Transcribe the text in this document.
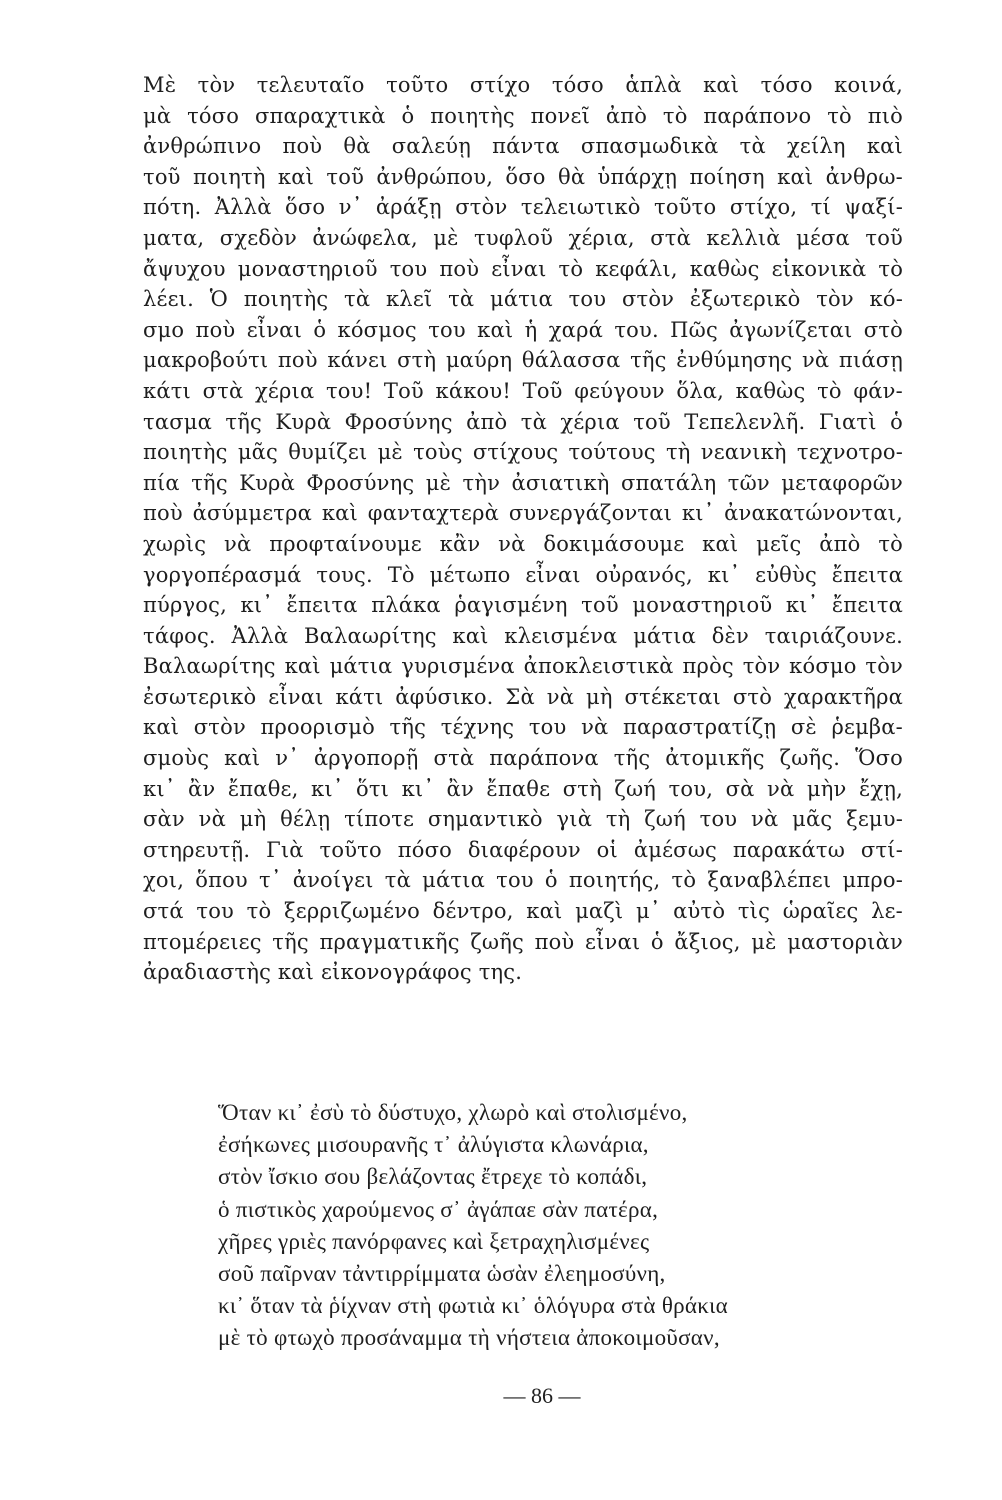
Μὲ τὸν τελευταῖο τοῦτο στίχο τόσο ἁπλὰ καὶ τόσο κοινά,
μὰ τόσο σπαραχτικὰ ὁ ποιητὴς πονεῖ ἀπὸ τὸ παράπονο τὸ πιὸ
ἀνθρώπινο ποὺ θὰ σαλεύῃ πάντα σπασμωδικὰ τὰ χείλη καὶ
τοῦ ποιητὴ καὶ τοῦ ἀνθρώπου, ὅσο θὰ ὑπάρχῃ ποίηση καὶ ἀνθρω-
πότη. Ἀλλὰ ὅσο ν᾽ ἀράξῃ στὸν τελειωτικὸ τοῦτο στίχο, τί ψαξί-
ματα, σχεδὸν ἀνώφελα, μὲ τυφλοῦ χέρια, στὰ κελλιὰ μέσα τοῦ
ἄψυχου μοναστηριοῦ του ποὺ εἶναι τὸ κεφάλι, καθὼς εἰκονικὰ τὸ
λέει. Ὁ ποιητὴς τὰ κλεῖ τὰ μάτια του στὸν ἐξωτερικὸ τὸν κό-
σμο ποὺ εἶναι ὁ κόσμος του καὶ ἡ χαρά του. Πῶς ἀγωνίζεται στὸ
μακροβούτι ποὺ κάνει στὴ μαύρη θάλασσα τῆς ἐνθύμησης νὰ πιάσῃ
κάτι στὰ χέρια του! Τοῦ κάκου! Τοῦ φεύγουν ὅλα, καθὼς τὸ φάν-
τασμα τῆς Κυρὰ Φροσύνης ἀπὸ τὰ χέρια τοῦ Τεπελενλῆ. Γιατὶ ὁ
ποιητὴς μᾶς θυμίζει μὲ τοὺς στίχους τούτους τὴ νεανικὴ τεχνοτρο-
πία τῆς Κυρὰ Φροσύνης μὲ τὴν ἀσιατικὴ σπατάλη τῶν μεταφορῶν
ποὺ ἀσύμμετρα καὶ φανταχτερὰ συνεργάζονται κι᾽ ἀνακατώνονται,
χωρὶς νὰ προφταίνουμε κἂν νὰ δοκιμάσουμε καὶ μεῖς ἀπὸ τὸ
γοργοπέρασμά τους. Τὸ μέτωπο εἶναι οὐρανός, κι᾽ εὐθὺς ἔπειτα
πύργος, κι᾽ ἔπειτα πλάκα ῥαγισμένη τοῦ μοναστηριοῦ κι᾽ ἔπειτα
τάφος. Ἀλλὰ Βαλαωρίτης καὶ κλεισμένα μάτια δὲν ταιριάζουνε.
Βαλαωρίτης καὶ μάτια γυρισμένα ἀποκλειστικὰ πρὸς τὸν κόσμο τὸν
ἐσωτερικὸ εἶναι κάτι ἀφύσικο. Σὰ νὰ μὴ στέκεται στὸ χαρακτῆρα
καὶ στὸν προορισμὸ τῆς τέχνης του νὰ παραστρατίζῃ σὲ ῥεμβα-
σμοὺς καὶ ν᾽ ἀργοπορῇ στὰ παράπονα τῆς ἀτομικῆς ζωῆς. Ὅσο
κι᾽ ἂν ἔπαθε, κι᾽ ὅτι κι᾽ ἂν ἔπαθε στὴ ζωή του, σὰ νὰ μὴν ἔχῃ,
σὰν νὰ μὴ θέλῃ τίποτε σημαντικὸ γιὰ τὴ ζωή του νὰ μᾶς ξεμυ-
στηρευτῇ. Γιὰ τοῦτο πόσο διαφέρουν οἱ ἀμέσως παρακάτω στί-
χοι, ὅπου τ᾽ ἀνοίγει τὰ μάτια του ὁ ποιητής, τὸ ξαναβλέπει μπρο-
στά του τὸ ξερριζωμένο δέντρο, καὶ μαζὶ μ᾽ αὐτὸ τὶς ὡραῖες λε-
πτομέρειες τῆς πραγματικῆς ζωῆς ποὺ εἶναι ὁ ἄξιος, μὲ μαστοριὰν
ἀραδιαστὴς καὶ εἰκονογράφος της.
Ὅταν κι᾽ ἐσὺ τὸ δύστυχο, χλωρὸ καὶ στολισμένο,
ἐσήκωνες μισουρανῆς τ᾽ ἀλύγιστα κλωνάρια,
στὸν ἴσκιο σου βελάζοντας ἔτρεχε τὸ κοπάδι,
ὁ πιστικὸς χαρούμενος σ᾽ ἀγάπαε σὰν πατέρα,
χῆρες γριὲς πανόρφανες καὶ ξετραχηλισμένες
σοῦ παῖρναν τἀντιρρίμματα ὡσὰν ἐλεημοσύνη,
κι᾽ ὅταν τὰ ῥίχναν στὴ φωτιὰ κι᾽ ὁλόγυρα στὰ θράκια
μὲ τὸ φτωχὸ προσάναμμα τὴ νήστεια ἀποκοιμοῦσαν,
— 86 —
